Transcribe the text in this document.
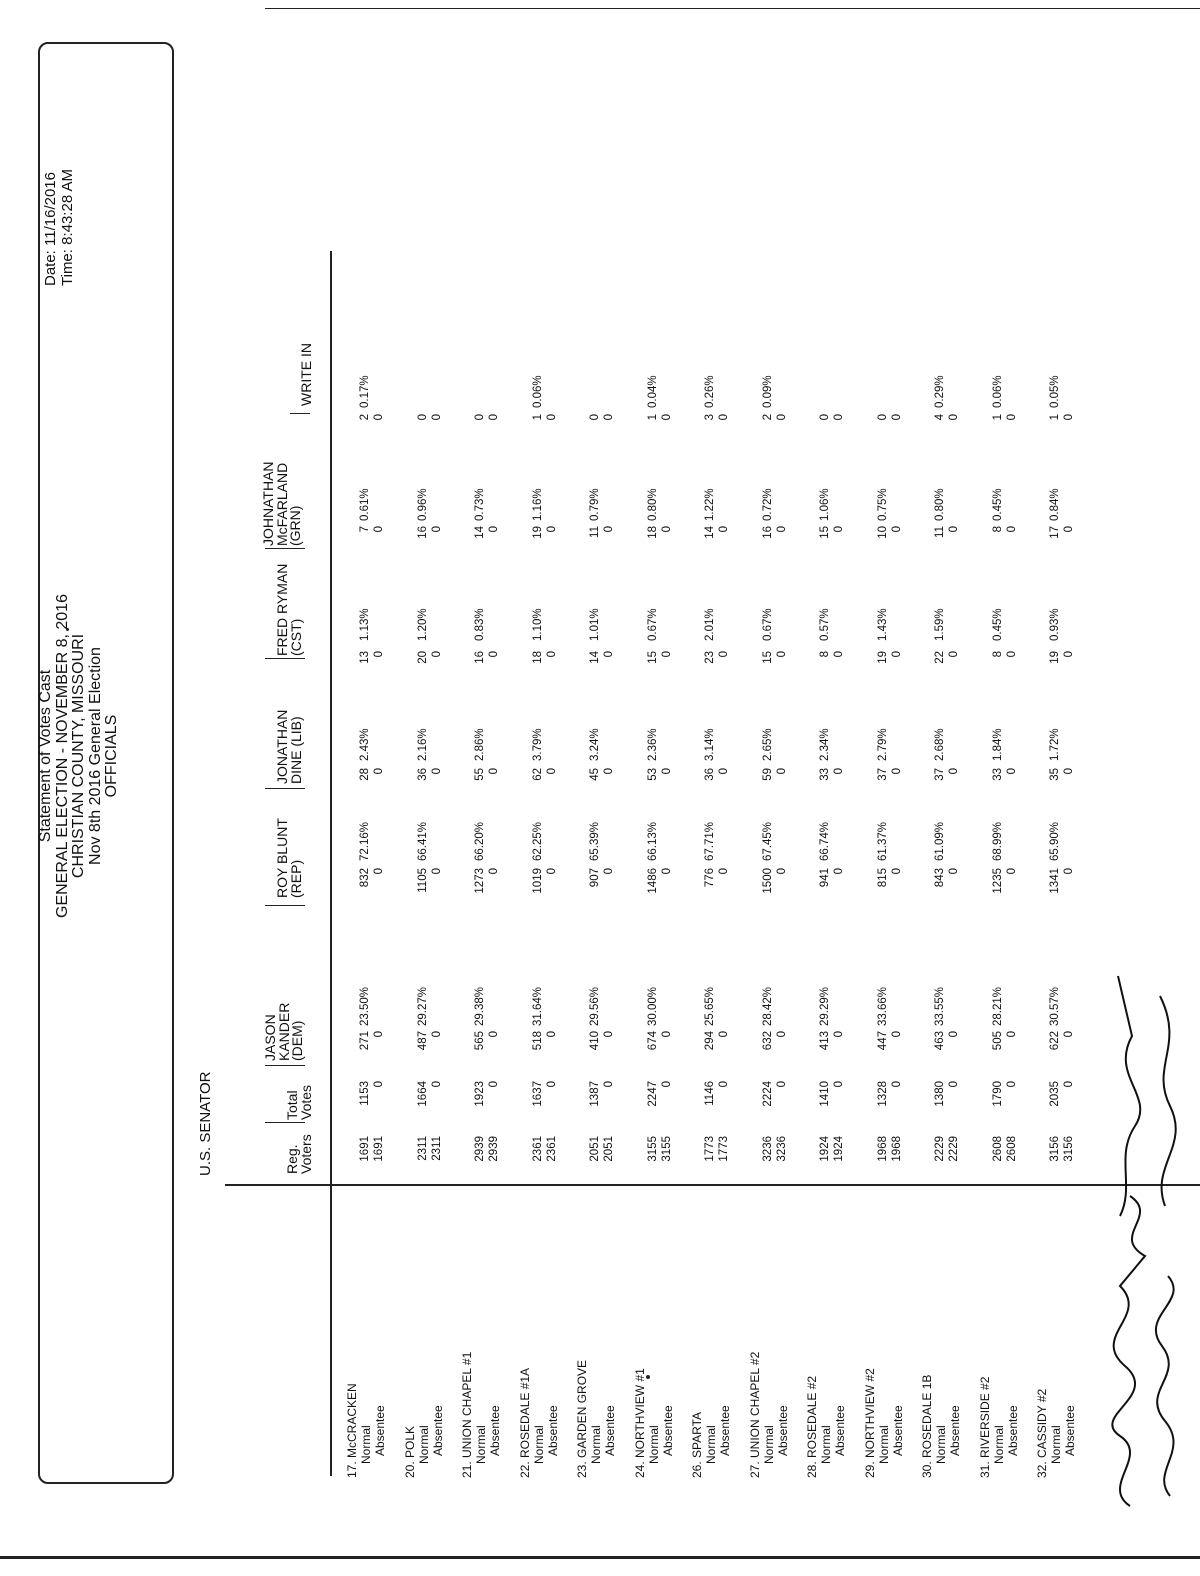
Statement of Votes Cast GENERAL ELECTION - NOVEMBER 8, 2016 CHRISTIAN COUNTY, MISSOURI Nov 8th 2016 General Election OFFICIALS
Date: 11/16/2016 Time: 8:43:28 AM
U.S. SENATOR	Reg.
Voters
Total
Votes
JASON
KANDER
(DEM)
ROY BLUNT
(REP)
JONATHAN
DINE (LIB)
FRED RYMAN
(CST)
JOHNATHAN
McFARLAND
(GRN)
WRITE IN
17. McCRACKEN Normal Absentee
1691 1691
1153 0
271 0
832 0
28 0
13 0
7 0
2 0
23.50%
72.16%
2.43%
1.13%
0.61%
0.17%
20. POLK Normal Absentee
2311 2311
1664 0
487 0
1105 0
36 0
20 0
16 0
0 0
29.27%
66.41%
2.16%
1.20%
0.96%
21. UNION CHAPEL #1 Normal Absentee
2939 2939
1923 0
565 0
1273 0
55 0
16 0
14 0
0 0
29.38%
66.20%
2.86%
0.83%
0.73%
22. ROSEDALE #1A Normal Absentee
2361 2361
1637 0
518 0
1019 0
62 0
18 0
19 0
1 0
31.64%
62.25%
3.79%
1.10%
1.16%
0.06%
23. GARDEN GROVE Normal Absentee
2051 2051
1387 0
410 0
907 0
45 0
14 0
11 0
0 0
29.56%
65.39%
3.24%
1.01%
0.79%
24. NORTHVIEW #1 Normal Absentee
3155 3155
2247 0
674 0
1486 0
53 0
15 0
18 0
1 0
30.00%
66.13%
2.36%
0.67%
0.80%
0.04%
26. SPARTA Normal Absentee
1773 1773
1146 0
294 0
776 0
36 0
23 0
14 0
3 0
25.65%
67.71%
3.14%
2.01%
1.22%
0.26%
27. UNION CHAPEL #2 Normal Absentee
3236 3236
2224 0
632 0
1500 0
59 0
15 0
16 0
2 0
28.42%
67.45%
2.65%
0.67%
0.72%
0.09%
28. ROSEDALE #2 Normal Absentee
1924 1924
1410 0
413 0
941 0
33 0
8 0
15 0
0 0
29.29%
66.74%
2.34%
0.57%
1.06%
29. NORTHVIEW #2 Normal Absentee
1968 1968
1328 0
447 0
815 0
37 0
19 0
10 0
0 0
33.66%
61.37%
2.79%
1.43%
0.75%
30. ROSEDALE 1B Normal Absentee
2229 2229
1380 0
463 0
843 0
37 0
22 0
11 0
4 0
33.55%
61.09%
2.68%
1.59%
0.80%
0.29%
31. RIVERSIDE #2 Normal Absentee
2608 2608
1790 0
505 0
1235 0
33 0
8 0
8 0
1 0
28.21%
68.99%
1.84%
0.45%
0.45%
0.06%
32. CASSIDY #2 Normal Absentee
3156 3156
2035 0
622 0
1341 0
35 0
19 0
17 0
1 0
30.57%
65.90%
1.72%
0.93%
0.84%
0.05%
